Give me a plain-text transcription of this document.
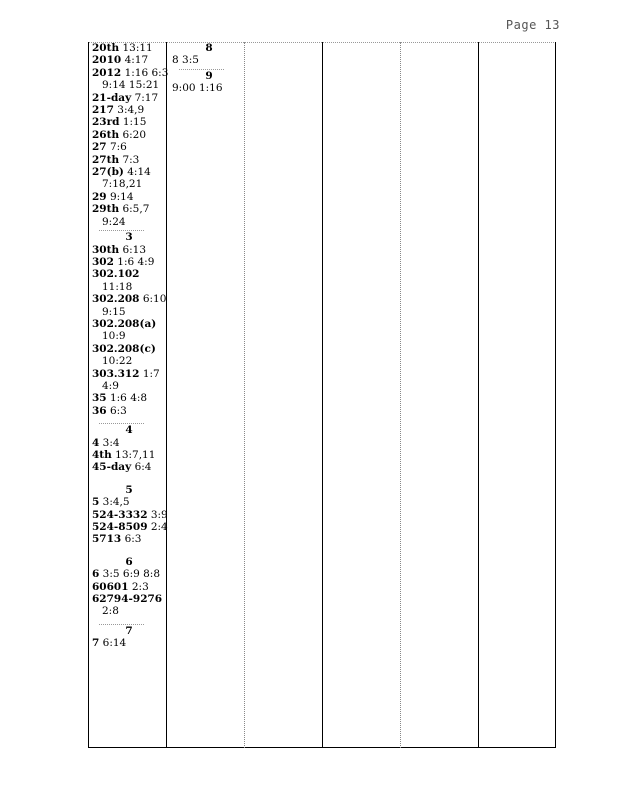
Page 13
20th 13:11
2010 4:17
2012 1:16 6:3
9:14 15:21
21-day 7:17
217 3:4,9
23rd 1:15
26th 6:20
27 7:6
27th 7:3
27(b) 4:14
7:18,21
29 9:14
29th 6:5,7
9:24
3
30th 6:13
302 1:6 4:9
302.102
11:18
302.208 6:10
9:15
302.208(a)
10:9
302.208(c)
10:22
303.312 1:7
4:9
35 1:6 4:8
36 6:3
4
4 3:4
4th 13:7,11
45-day 6:4
5
5 3:4,5
524-3332 3:9
524-8509 2:4
5713 6:3
6
6 3:5 6:9 8:8
60601 2:3
62794-9276
2:8
7
7 6:14
8
8 3:5
9
9:00 1:16
